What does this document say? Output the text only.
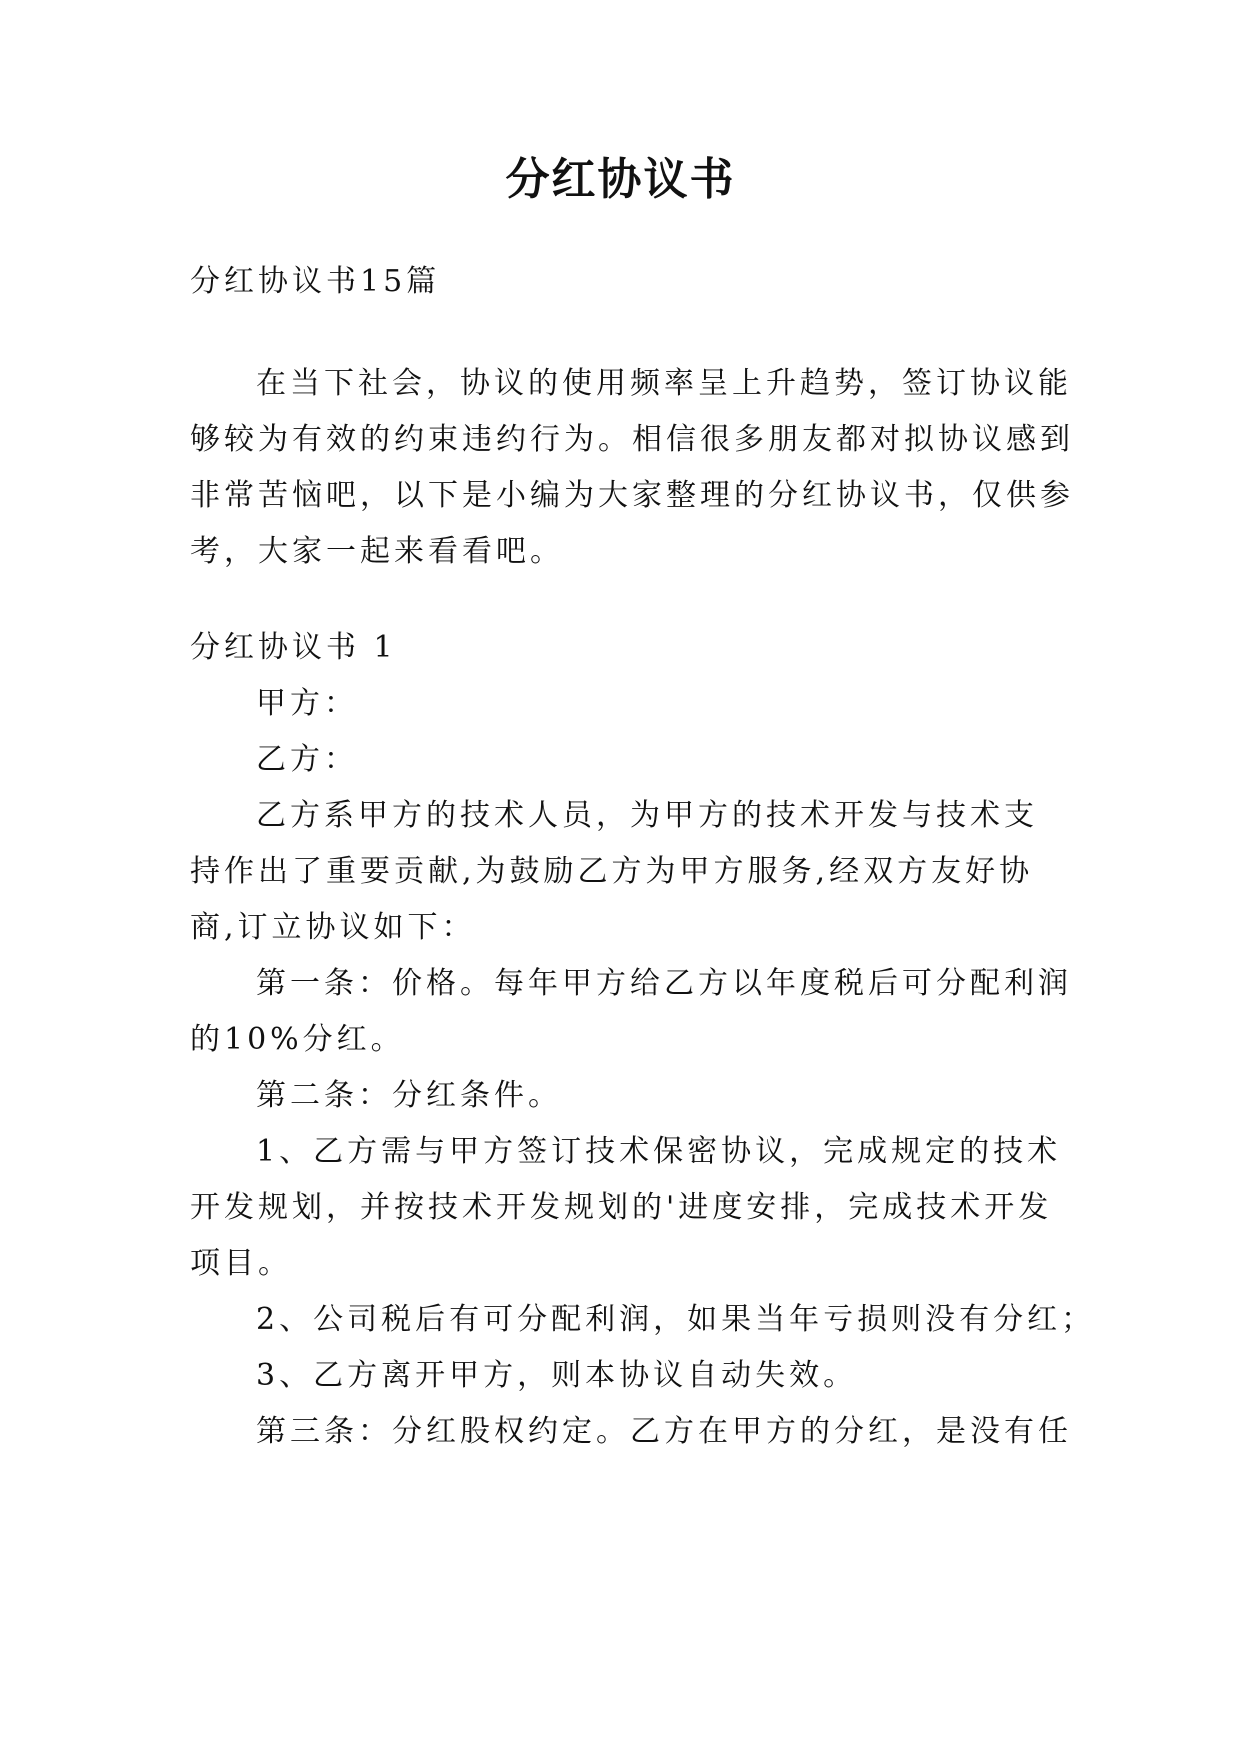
分红协议书

分红协议书15篇

在当下社会，协议的使用频率呈上升趋势，签订协议能

够较为有效的约束违约行为。相信很多朋友都对拟协议感到

非常苦恼吧，以下是小编为大家整理的分红协议书，仅供参

考，大家一起来看看吧。

分红协议书 1

甲方：

乙方：

乙方系甲方的技术人员，为甲方的技术开发与技术支

持作出了重要贡献,为鼓励乙方为甲方服务,经双方友好协

商,订立协议如下：

第一条：价格。每年甲方给乙方以年度税后可分配利润

的10%分红。

第二条：分红条件。

1、乙方需与甲方签订技术保密协议，完成规定的技术

开发规划，并按技术开发规划的'进度安排，完成技术开发

项目。

2、公司税后有可分配利润，如果当年亏损则没有分红；

3、乙方离开甲方，则本协议自动失效。

第三条：分红股权约定。乙方在甲方的分红，是没有任
